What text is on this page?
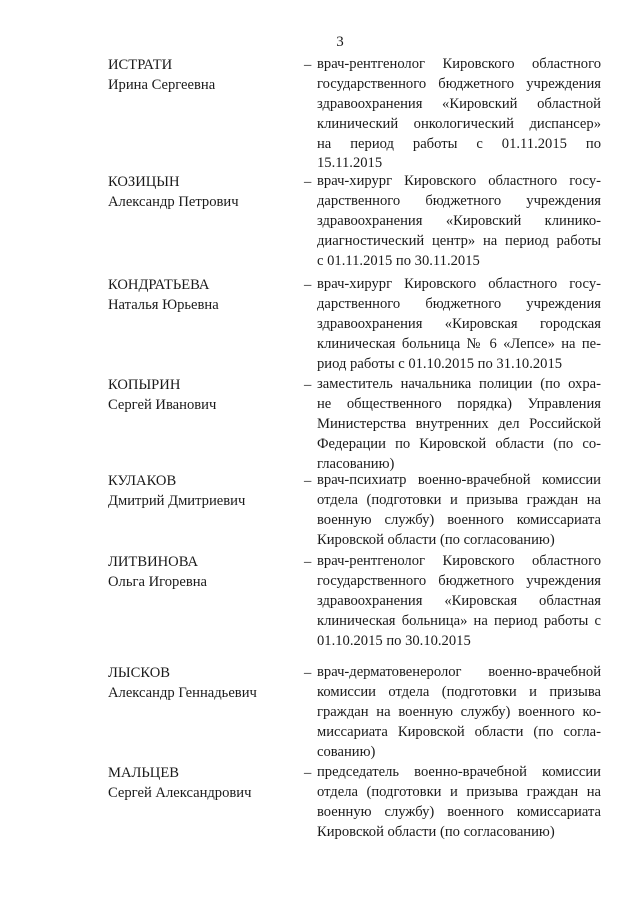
3
ИСТРАТИ
Ирина Сергеевна
– врач-рентгенолог Кировского областного
государственного бюджетного учреждения
здравоохранения «Кировский областной
клинический онкологический диспансер»
на период работы с 01.11.2015 по
15.11.2015
КОЗИЦЫН
Александр Петрович
– врач-хирург Кировского областного госу-
дарственного бюджетного учреждения
здравоохранения «Кировский клинико-
диагностический центр» на период работы
с 01.11.2015 по 30.11.2015
КОНДРАТЬЕВА
Наталья Юрьевна
– врач-хирург Кировского областного госу-
дарственного бюджетного учреждения
здравоохранения «Кировская городская
клиническая больница № 6 «Лепсе» на пе-
риод работы с 01.10.2015 по 31.10.2015
КОПЫРИН
Сергей Иванович
– заместитель начальника полиции (по охра-
не общественного порядка) Управления
Министерства внутренних дел Российской
Федерации по Кировской области (по со-
гласованию)
КУЛАКОВ
Дмитрий Дмитриевич
– врач-психиатр военно-врачебной комиссии
отдела (подготовки и призыва граждан на
военную службу) военного комиссариата
Кировской области (по согласованию)
ЛИТВИНОВА
Ольга Игоревна
– врач-рентгенолог Кировского областного
государственного бюджетного учреждения
здравоохранения «Кировская областная
клиническая больница» на период работы с
01.10.2015 по 30.10.2015
ЛЫСКОВ
Александр Геннадьевич
– врач-дерматовенеролог военно-врачебной
комиссии отдела (подготовки и призыва
граждан на военную службу) военного ко-
миссариата Кировской области (по согла-
сованию)
МАЛЬЦЕВ
Сергей Александрович
– председатель военно-врачебной комиссии
отдела (подготовки и призыва граждан на
военную службу) военного комиссариата
Кировской области (по согласованию)
